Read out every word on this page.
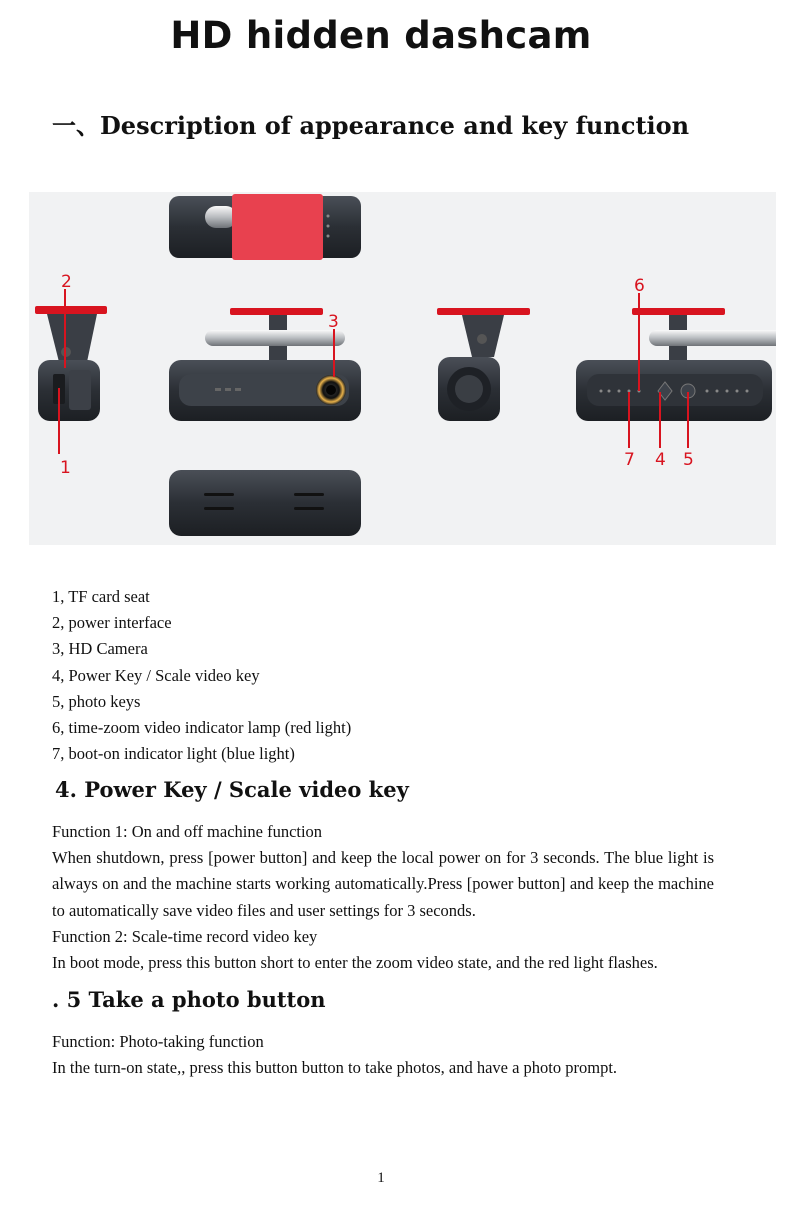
HD hidden dashcam
一、Description of appearance and key function
1
2
3
4 5
6
7
1, TF card seat
2, power interface
3, HD Camera
4, Power Key / Scale video key
5, photo keys
6, time-zoom video indicator lamp (red light)
7, boot-on indicator light (blue light)
4. Power Key / Scale video key
Function 1: On and off machine function
When shutdown, press [power button] and keep the local power on for 3 seconds. The blue light is always on and the machine starts working automatically.Press [power button] and keep the machine to automatically save video files and user settings for 3 seconds.
Function 2: Scale-time record video key
In boot mode, press this button short to enter the zoom video state, and the red light flashes.
. 5 Take a photo button
Function: Photo-taking function
In the turn-on state,, press this button button to take photos, and have a photo prompt.
1
